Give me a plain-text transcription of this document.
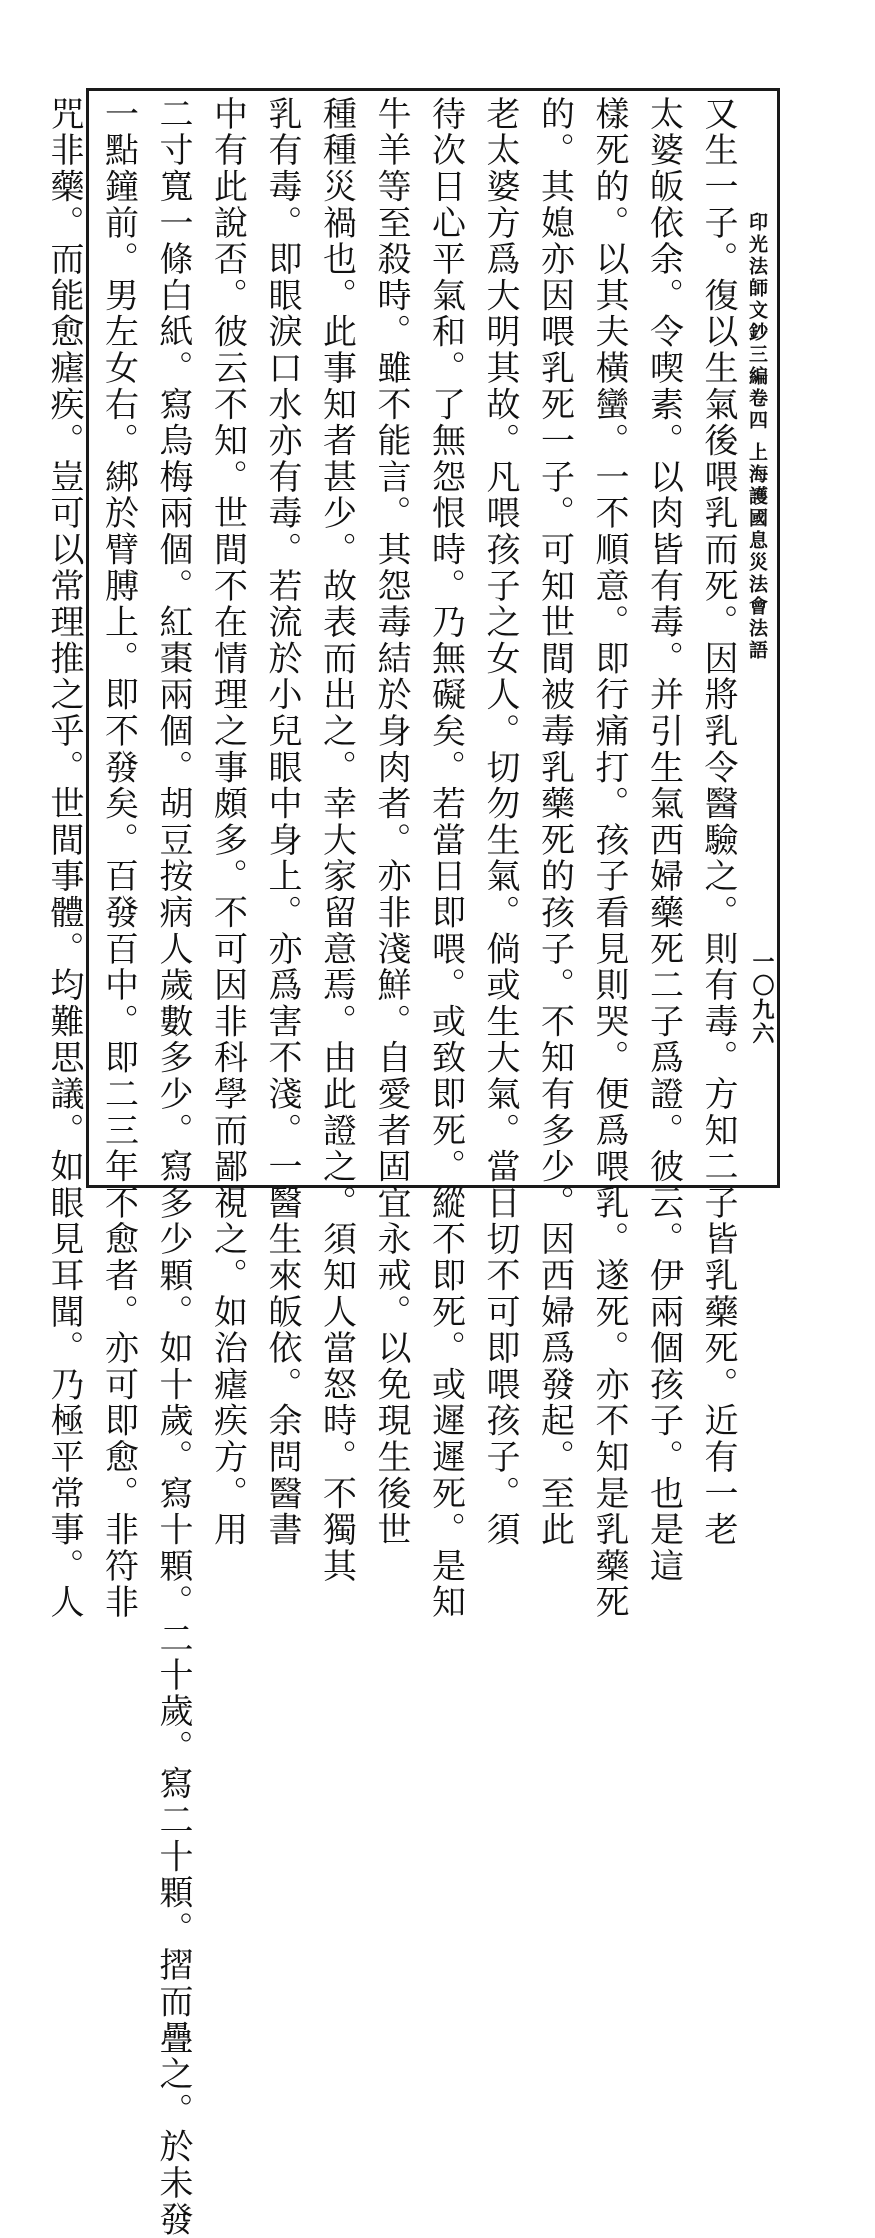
又生一子。復以生氣後喂乳而死。因將乳令醫驗之。則有毒。方知二子皆乳藥死。近有一老
太婆皈依余。令喫素。以肉皆有毒。并引生氣西婦藥死二子爲證。彼云。伊兩個孩子。也是這
樣死的。以其夫橫蠻。一不順意。即行痛打。孩子看見則哭。便爲喂乳。遂死。亦不知是乳藥死
的。其媳亦因喂乳死一子。可知世間被毒乳藥死的孩子。不知有多少。因西婦爲發起。至此
老太婆方爲大明其故。凡喂孩子之女人。切勿生氣。倘或生大氣。當日切不可即喂孩子。須
待次日心平氣和。了無怨恨時。乃無礙矣。若當日即喂。或致即死。縱不即死。或遲遲死。是知
牛羊等至殺時。雖不能言。其怨毒結於身肉者。亦非淺鮮。自愛者固宜永戒。以免現生後世
種種災禍也。此事知者甚少。故表而出之。幸大家留意焉。由此證之。須知人當怒時。不獨其
乳有毒。即眼淚口水亦有毒。若流於小兒眼中身上。亦爲害不淺。一醫生來皈依。余問醫書
中有此說否。彼云不知。世間不在情理之事頗多。不可因非科學而鄙視之。如治瘧疾方。用
二寸寬一條白紙。寫烏梅兩個。紅棗兩個。胡豆按病人歲數多少。寫多少顆。如十歲。寫十顆。二十歲。寫二十顆。摺而疊之。於未發
一點鐘前。男左女右。綁於臂膊上。即不發矣。百發百中。即二三年不愈者。亦可即愈。非符非
咒非藥。而能愈瘧疾。豈可以常理推之乎。世間事體。均難思議。如眼見耳聞。乃極平常事。人	印光法師文鈔三編卷四 上海護國息災法會法語
一〇九六
